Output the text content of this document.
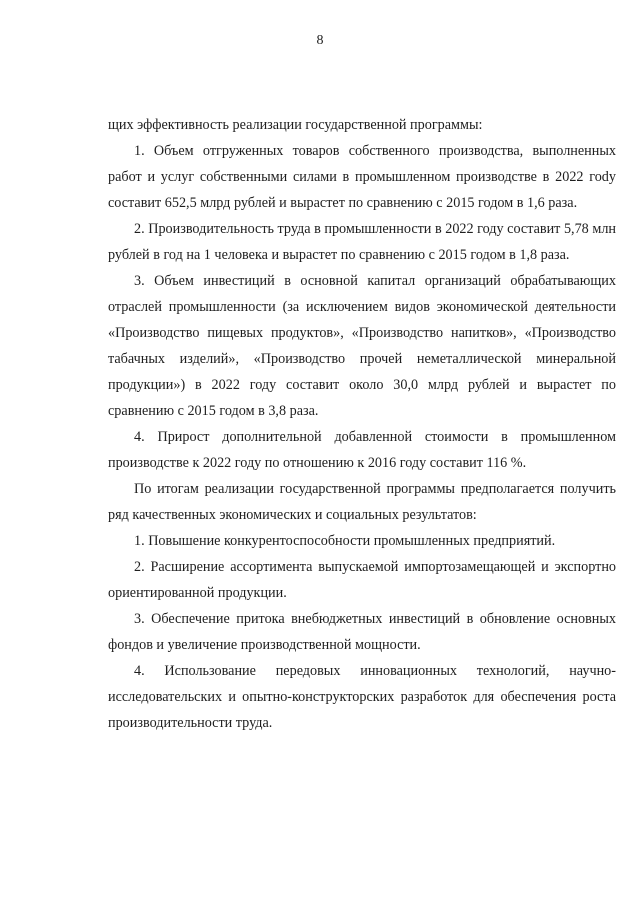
8

щих эффективность реализации государственной программы:

1. Объем отгруженных товаров собственного производства, выполненных работ и услуг собственными силами в промышленном производстве в 2022 гоdу составит 652,5 млрд рублей и вырастет по сравнению с 2015 годом в 1,6 раза.

2. Производительность труда в промышленности в 2022 году составит 5,78 млн рублей в год на 1 человека и вырастет по сравнению с 2015 годом в 1,8 раза.

3. Объем инвестиций в основной капитал организаций обрабатывающих отраслей промышленности (за исключением видов экономической деятельности «Производство пищевых продуктов», «Производство напитков», «Производство табачных изделий», «Производство прочей неметаллической минеральной продукции») в 2022 году составит около 30,0 млрд рублей и вырастет по сравнению с 2015 годом в 3,8 раза.

4. Прирост дополнительной добавленной стоимости в промышленном производстве к 2022 году по отношению к 2016 году составит 116 %.

По итогам реализации государственной программы предполагается получить ряд качественных экономических и социальных результатов:

1. Повышение конкурентоспособности промышленных предприятий.

2. Расширение ассортимента выпускаемой импортозамещающей и экспортно ориентированной продукции.

3. Обеспечение притока внебюджетных инвестиций в обновление основных фондов и увеличение производственной мощности.

4. Использование передовых инновационных технологий, научно-исследовательских и опытно-конструкторских разработок для обеспечения роста производительности труда.
